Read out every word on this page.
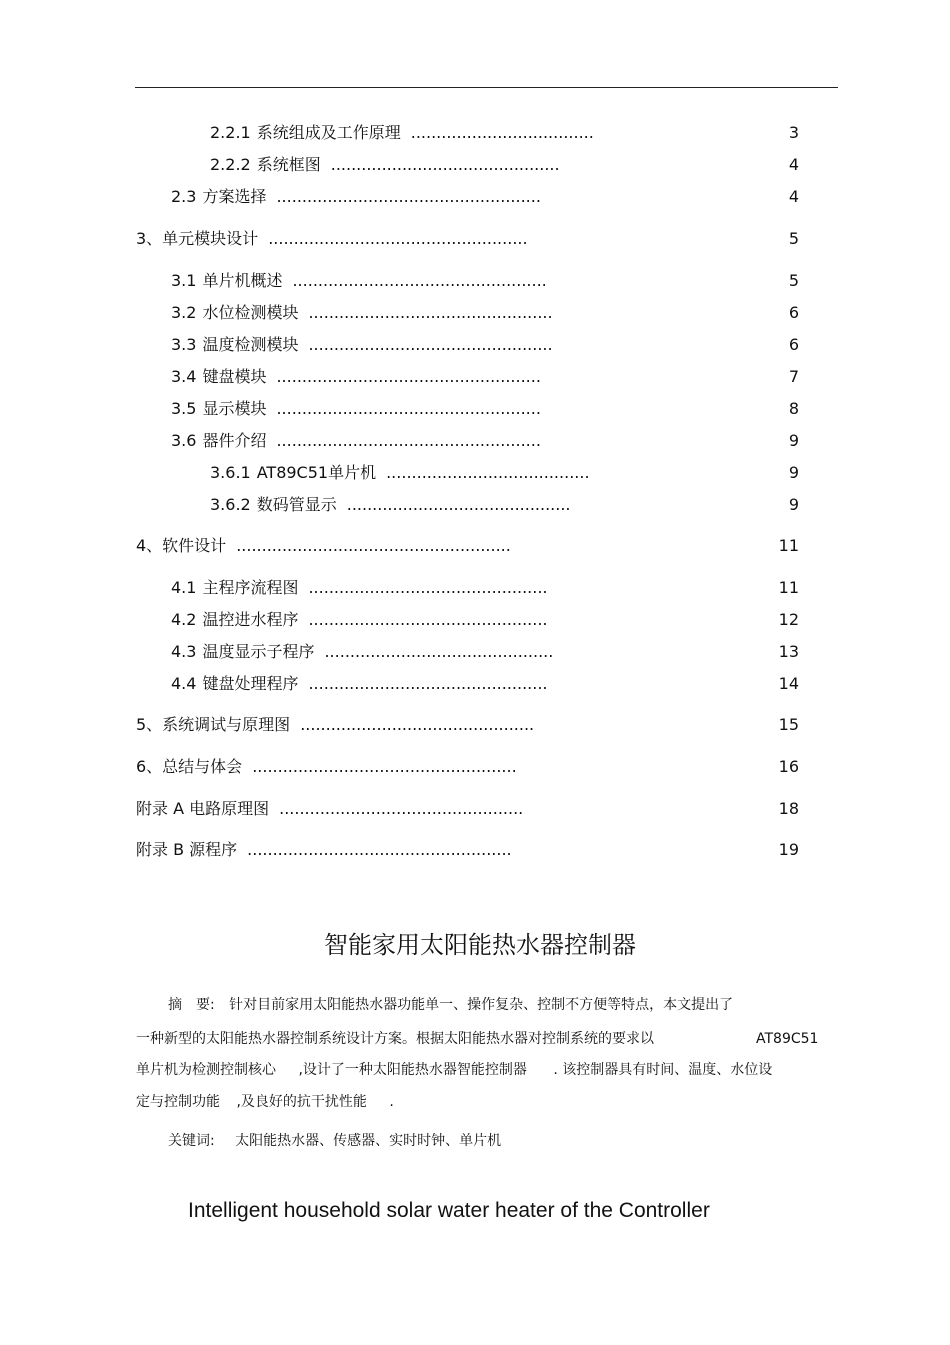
2.2.1 系统组成及工作原理 ....................................	3
2.2.2 系统框图 .............................................	4
2.3 方案选择 ....................................................	4
3、单元模块设计 ...................................................	5
3.1 单片机概述 ..................................................	5
3.2 水位检测模块 ................................................	6
3.3 温度检测模块 ................................................	6
3.4 键盘模块 ....................................................	7
3.5 显示模块 ....................................................	8
3.6 器件介绍 ....................................................	9
3.6.1 AT89C51单片机 ........................................	9
3.6.2 数码管显示 ............................................	9
4、软件设计 ......................................................	11
4.1 主程序流程图 ...............................................	11
4.2 温控进水程序 ...............................................	12
4.3 温度显示子程序 .............................................	13
4.4 键盘处理程序 ...............................................	14
5、系统调试与原理图 ..............................................	15
6、总结与体会 ....................................................	16
附录 A 电路原理图 ................................................	18
附录 B 源程序 ....................................................	19
智能家用太阳能热水器控制器
摘　要: 针对目前家用太阳能热水器功能单一、操作复杂、控制不方便等特点，本文提出了
一种新型的太阳能热水器控制系统设计方案。根据太阳能热水器对控制系统的要求以	AT89C51
单片机为检测控制核心 ,设计了一种太阳能热水器智能控制器 . 该控制器具有时间、温度、水位设
定与控制功能 ,及良好的抗干扰性能 .
关键词: 太阳能热水器、传感器、实时时钟、单片机
Intelligent household solar water heater of the Controller
